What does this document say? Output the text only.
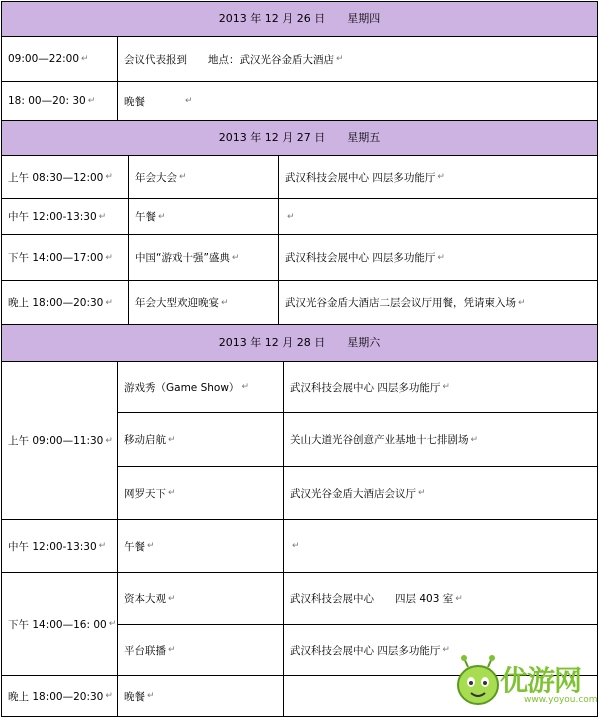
2013 年 12 月 26 日　　星期四
09:00—22:00 ↵	会议代表报到　　地点：武汉光谷金盾大酒店 ↵
18: 00—20: 30 ↵	晚餐	↵
2013 年 12 月 27 日　　星期五
上午 08:30—12:00 ↵ 年会大会 ↵	武汉科技会展中心 四层多功能厅 ↵
中午 12:00-13:30 ↵	午餐 ↵	↵
下午 14:00—17:00 ↵ 中国“游戏十强”盛典 ↵	武汉科技会展中心 四层多功能厅 ↵
晚上 18:00—20:30 ↵ 年会大型欢迎晚宴 ↵	武汉光谷金盾大酒店二层会议厅用餐，凭请柬入场 ↵
2013 年 12 月 28 日　　星期六
上午 09:00—11:30 ↵
游戏秀（Game Show） ↵	武汉科技会展中心 四层多功能厅 ↵
移动启航 ↵	关山大道光谷创意产业基地十七排剧场 ↵
网罗天下 ↵	武汉光谷金盾大酒店会议厅 ↵
中午 12:00-13:30 ↵ 午餐 ↵	↵
下午 14:00—16: 00 ↵
资本大观 ↵	武汉科技会展中心　　四层 403 室 ↵
平台联播 ↵	武汉科技会展中心 四层多功能厅 ↵
晚上 18:00—20:30 ↵ 晚餐 ↵	优游网
www.yoyou.com
